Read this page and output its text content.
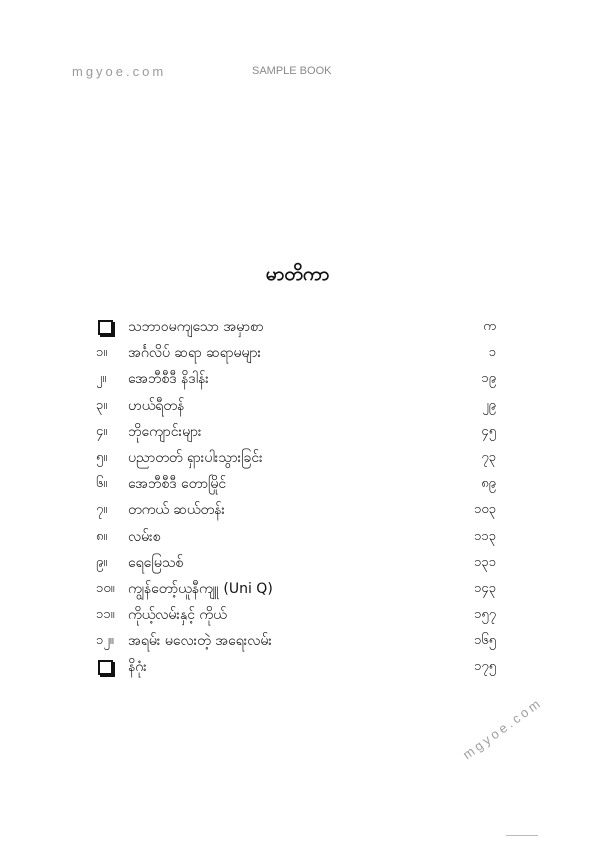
mgyoe.com	SAMPLE BOOK
မာတိကာ
သဘာဝမကျသော အမှာစာ	က
၁။	အင်္ဂလိပ် ဆရာ ဆရာမများ	၁
၂။	အေဘီစီဒီ နိဒါန်း	၁၉
၃။	ဟယ်ရီတန်	၂၉
၄။	ဘိုကျောင်းများ	၄၅
၅။	ပညာတတ် ရှားပါးသွားခြင်း	၇၃
၆။	အေဘီစီဒီ တောမြိုင်	၈၉
၇။	တကယ် ဆယ်တန်း	၁၀၃
၈။	လမ်းစ	၁၁၃
၉။	ရေမြေသစ်	၁၃၁
၁၀။ ကျွန်တော့်ယူနီကျူ (Uni Q)	၁၄၃
၁၁။ ကိုယ့်လမ်းနှင့် ကိုယ်	၁၅၇
၁၂။	အရမ်း မလေးတဲ့ အရေးလမ်း	၁၆၅
နိဂုံး	၁၇၅
mgyoe.com
